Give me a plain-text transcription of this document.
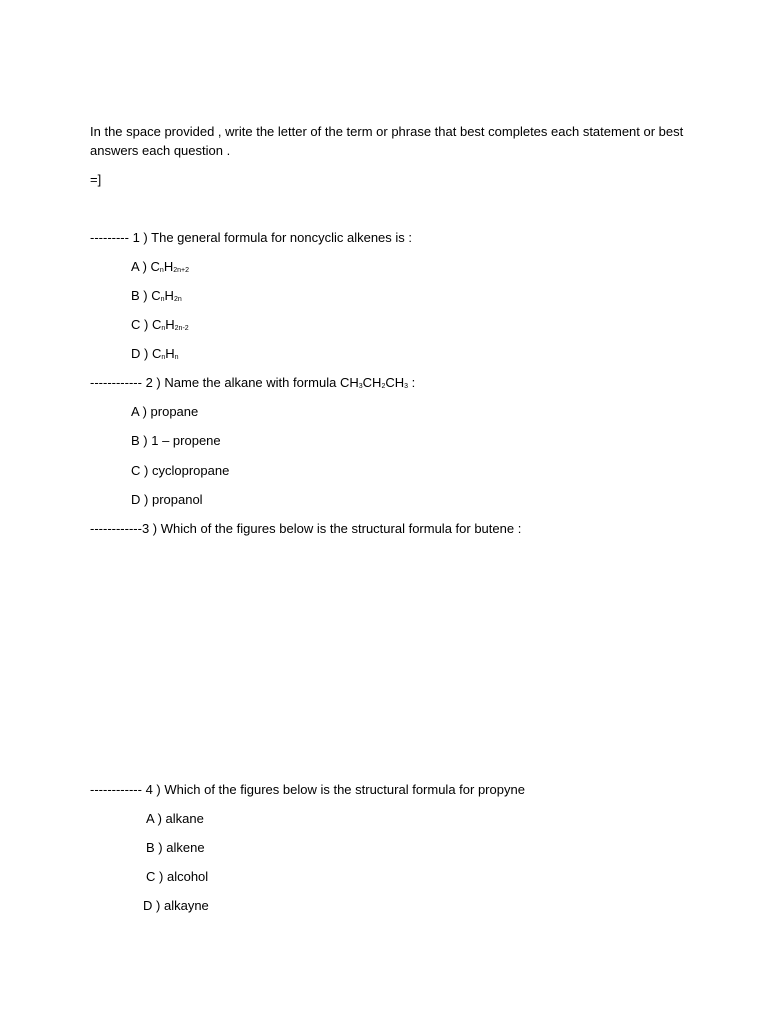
In the space provided , write the letter of the term or phrase that best completes each statement or best answers each question .
=]
--------- 1 ) The general formula for noncyclic alkenes is :
A ) $C_nH_{2n+2}$
B ) $C_nH_{2n}$
C ) $C_nH_{2n-2}$
D ) $C_nH_n$
------------ 2 ) Name the alkane with formula $CH_3CH_2CH_3$ :
A ) propane
B ) 1 – propene
C ) cyclopropane
D ) propanol
------------3 ) Which of the figures below is the structural formula for butene :
------------ 4 ) Which of the figures below is the structural formula for propyne
A ) alkane
B ) alkene
C ) alcohol
D ) alkayne
